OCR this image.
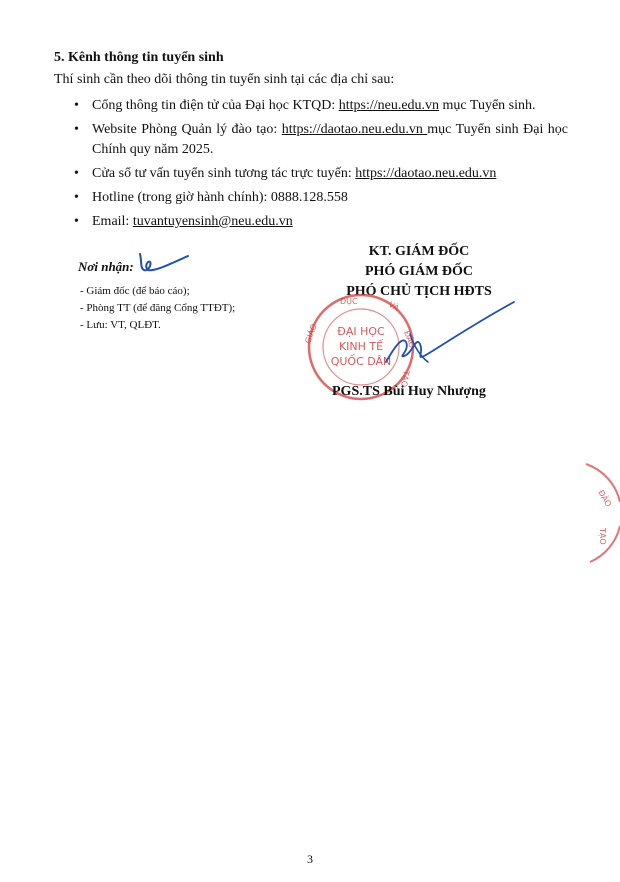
5. Kênh thông tin tuyển sinh
Thí sinh cần theo dõi thông tin tuyển sinh tại các địa chỉ sau:
• Cổng thông tin điện tử của Đại học KTQD: https://neu.edu.vn mục Tuyển sinh.
• Website Phòng Quản lý đào tạo: https://daotao.neu.edu.vn mục Tuyển sinh Đại học Chính quy năm 2025.
• Cửa sổ tư vấn tuyển sinh tương tác trực tuyến: https://daotao.neu.edu.vn
• Hotline (trong giờ hành chính): 0888.128.558
• Email: tuvantuyensinh@neu.edu.vn
Nơi nhận:
- Giám đốc (để báo cáo);
- Phòng TT (để đăng Cổng TTĐT);
- Lưu: VT, QLĐT.
KT. GIÁM ĐỐC
PHÓ GIÁM ĐỐC
PHÓ CHỦ TỊCH HĐTS
GIÁO
DỤC	VÀ
ĐÀO
TẠO
ĐẠI HỌC
KINH TẾ
QUỐC DÂN
PGS.TS Bùi Huy Nhượng
ĐÀO
TẠO
3
